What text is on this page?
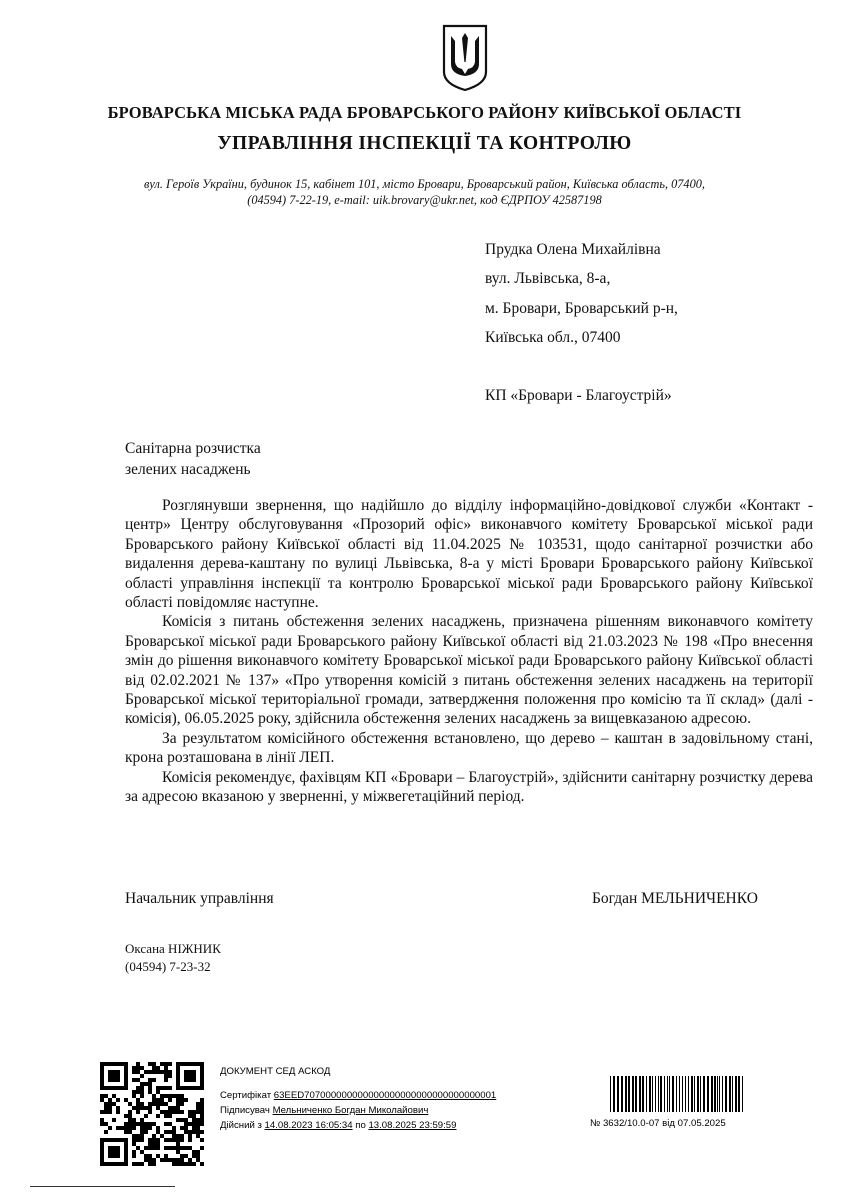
БРОВАРСЬКА МІСЬКА РАДА БРОВАРСЬКОГО РАЙОНУ КИЇВСЬКОЇ ОБЛАСТІ
УПРАВЛІННЯ ІНСПЕКЦІЇ ТА КОНТРОЛЮ
вул. Героїв України, будинок 15, кабінет 101, місто Бровари, Броварський район, Київська область, 07400,
(04594) 7-22-19, e-mail: uik.brovary@ukr.net, код ЄДРПОУ 42587198
Прудка Олена Михайлівна
вул. Львівська, 8-а,
м. Бровари, Броварський р-н,
Київська обл., 07400
КП «Бровари - Благоустрій»
Санітарна розчистка
зелених насаджень

Розглянувши звернення, що надійшло до відділу інформаційно-довідкової служби «Контакт - центр» Центру обслуговування «Прозорий офіс» виконавчого комітету Броварської міської ради Броварського району Київської області від 11.04.2025 № 103531, щодо санітарної розчистки або видалення дерева-каштану по вулиці Львівська, 8-а у місті Бровари Броварського району Київської області управління інспекції та контролю Броварської міської ради Броварського району Київської області повідомляє наступне.

Комісія з питань обстеження зелених насаджень, призначена рішенням виконавчого комітету Броварської міської ради Броварського району Київської області від 21.03.2023 № 198 «Про внесення змін до рішення виконавчого комітету Броварської міської ради Броварського району Київської області від 02.02.2021 № 137» «Про утворення комісій з питань обстеження зелених насаджень на території Броварської міської територіальної громади, затвердження положення про комісію та її склад» (далі - комісія), 06.05.2025 року, здійснила обстеження зелених насаджень за вищевказаною адресою.

За результатом комісійного обстеження встановлено, що дерево – каштан в задовільному стані, крона розташована в лінії ЛЕП.

Комісія рекомендує, фахівцям КП «Бровари – Благоустрій», здійснити санітарну розчистку дерева за адресою вказаною у зверненні, у міжвегетаційний період.

Начальник управління	Богдан МЕЛЬНИЧЕНКО
Оксана НІЖНИК
(04594) 7-23-32
ДОКУМЕНТ СЕД АСКОД
Сертифікат 63EED707000000000000000000000000000000001
Підписувач Мельниченко Богдан Миколайович
Дійсний з 14.08.2023 16:05:34 по 13.08.2025 23:59:59	№ 3632/10.0-07 від 07.05.2025
